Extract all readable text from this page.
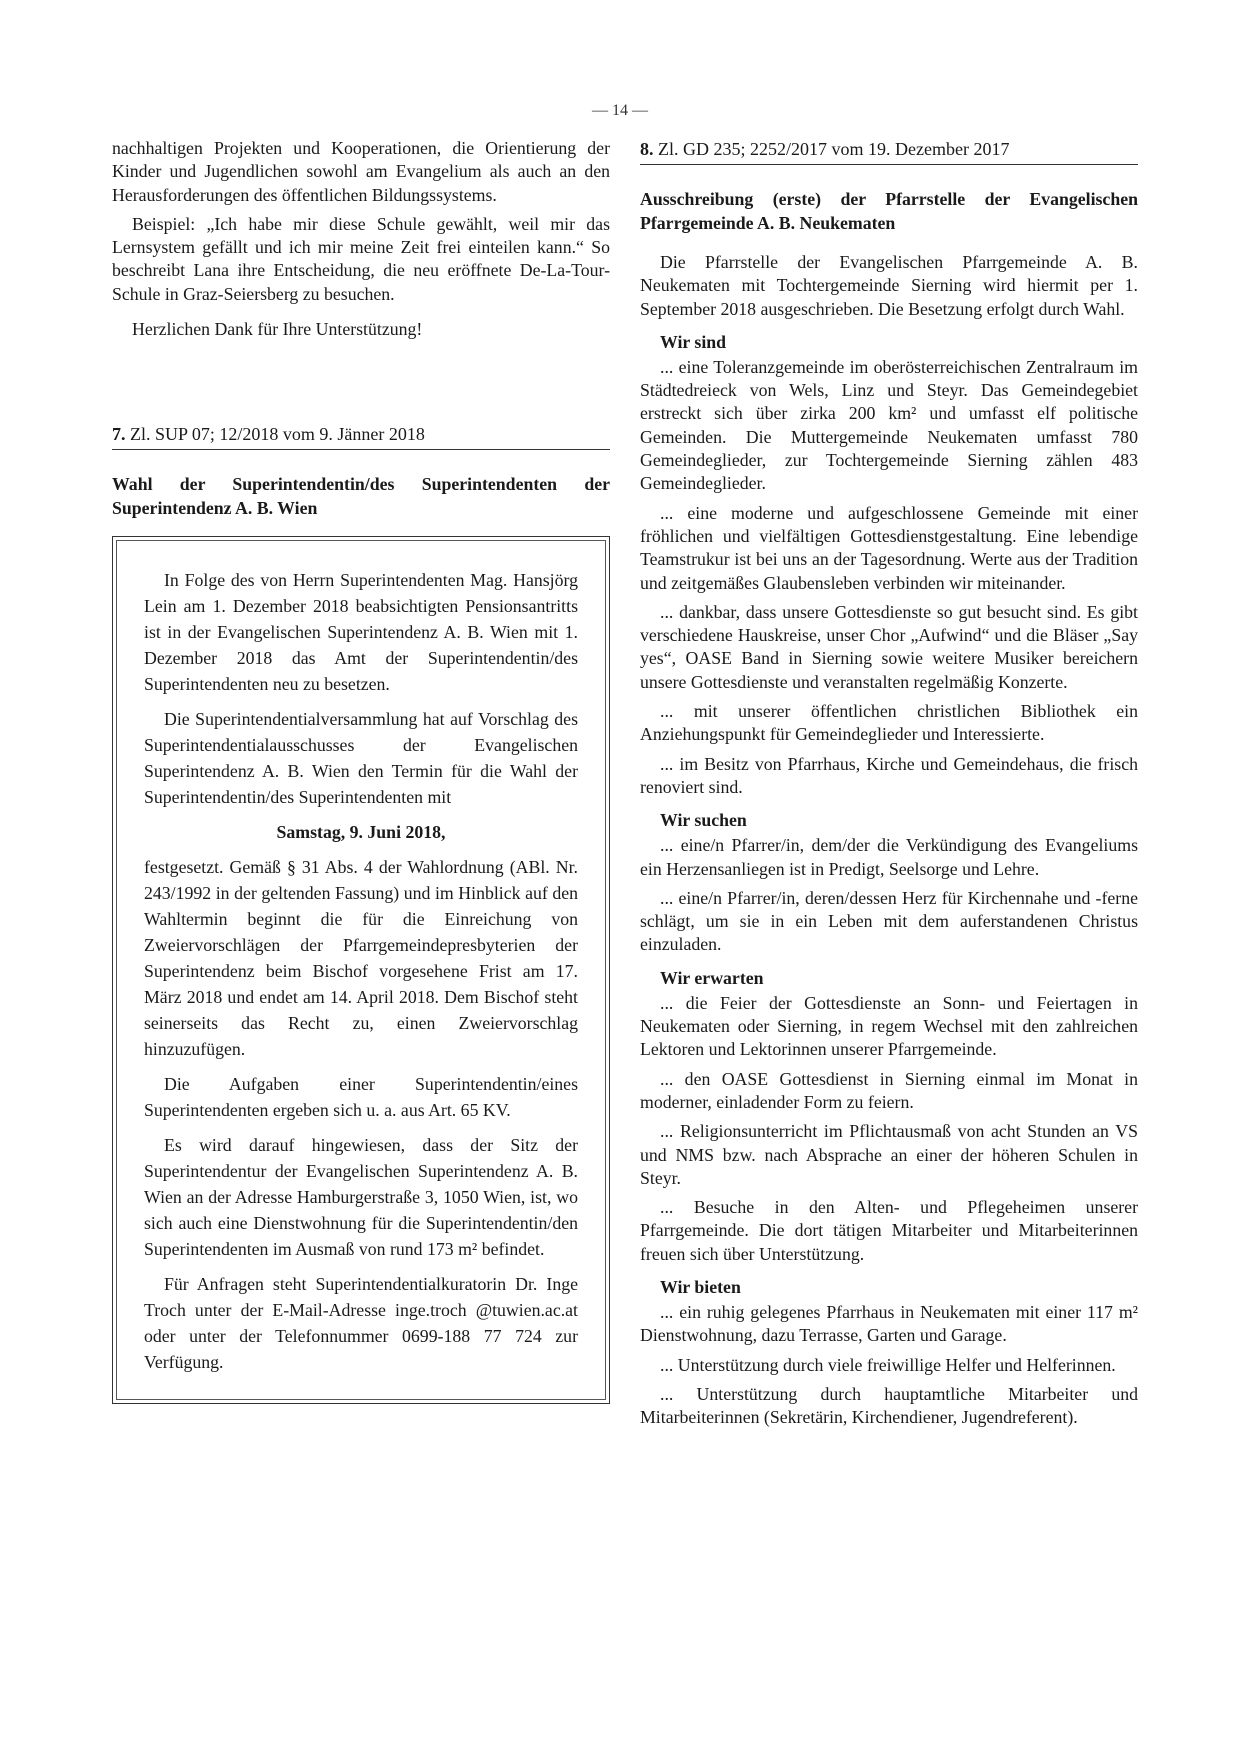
— 14 —

nachhaltigen Projekten und Kooperationen, die Orientierung der Kinder und Jugendlichen sowohl am Evangelium als auch an den Herausforderungen des öffentlichen Bildungssystems.

Beispiel: „Ich habe mir diese Schule gewählt, weil mir das Lernsystem gefällt und ich mir meine Zeit frei einteilen kann.“ So beschreibt Lana ihre Entscheidung, die neu eröffnete De-La-Tour-Schule in Graz-Seiersberg zu besuchen.

Herzlichen Dank für Ihre Unterstützung!

7. Zl. SUP 07; 12/2018 vom 9. Jänner 2018
Wahl der Superintendentin/des Superintendenten der Superintendenz A. B. Wien

In Folge des von Herrn Superintendenten Mag. Hansjörg Lein am 1. Dezember 2018 beabsichtigten Pensionsantritts ist in der Evangelischen Superintendenz A. B. Wien mit 1. Dezember 2018 das Amt der Superintendentin/des Superintendenten neu zu besetzen.

Die Superintendentialversammlung hat auf Vorschlag des Superintendentialausschusses der Evangelischen Superintendenz A. B. Wien den Termin für die Wahl der Superintendentin/des Superintendenten mit

Samstag, 9. Juni 2018,

festgesetzt. Gemäß § 31 Abs. 4 der Wahlordnung (ABl. Nr. 243/1992 in der geltenden Fassung) und im Hinblick auf den Wahltermin beginnt die für die Einreichung von Zweiervorschlägen der Pfarrgemeindepresbyterien der Superintendenz beim Bischof vorgesehene Frist am 17. März 2018 und endet am 14. April 2018. Dem Bischof steht seinerseits das Recht zu, einen Zweiervorschlag hinzuzufügen.

Die Aufgaben einer Superintendentin/eines Superintendenten ergeben sich u. a. aus Art. 65 KV.

Es wird darauf hingewiesen, dass der Sitz der Superintendentur der Evangelischen Superintendenz A. B. Wien an der Adresse Hamburgerstraße 3, 1050 Wien, ist, wo sich auch eine Dienstwohnung für die Superintendentin/den Superintendenten im Ausmaß von rund 173 m² befindet.

Für Anfragen steht Superintendentialkuratorin Dr. Inge Troch unter der E-Mail-Adresse inge.troch @tuwien.ac.at oder unter der Telefonnummer 0699-188 77 724 zur Verfügung.

8. Zl. GD 235; 2252/2017 vom 19. Dezember 2017
Ausschreibung (erste) der Pfarrstelle der Evangelischen Pfarrgemeinde A. B. Neukematen

Die Pfarrstelle der Evangelischen Pfarrgemeinde A. B. Neukematen mit Tochtergemeinde Sierning wird hiermit per 1. September 2018 ausgeschrieben. Die Besetzung erfolgt durch Wahl.

Wir sind

... eine Toleranzgemeinde im oberösterreichischen Zentralraum im Städtedreieck von Wels, Linz und Steyr. Das Gemeindegebiet erstreckt sich über zirka 200 km² und umfasst elf politische Gemeinden. Die Muttergemeinde Neukematen umfasst 780 Gemeindeglieder, zur Tochtergemeinde Sierning zählen 483 Gemeindeglieder.

... eine moderne und aufgeschlossene Gemeinde mit einer fröhlichen und vielfältigen Gottesdienstgestaltung. Eine lebendige Teamstrukur ist bei uns an der Tagesordnung. Werte aus der Tradition und zeitgemäßes Glaubensleben verbinden wir miteinander.

... dankbar, dass unsere Gottesdienste so gut besucht sind. Es gibt verschiedene Hauskreise, unser Chor „Aufwind“ und die Bläser „Say yes“, OASE Band in Sierning sowie weitere Musiker bereichern unsere Gottesdienste und veranstalten regelmäßig Konzerte.

... mit unserer öffentlichen christlichen Bibliothek ein Anziehungspunkt für Gemeindeglieder und Interessierte.

... im Besitz von Pfarrhaus, Kirche und Gemeindehaus, die frisch renoviert sind.

Wir suchen

... eine/n Pfarrer/in, dem/der die Verkündigung des Evangeliums ein Herzensanliegen ist in Predigt, Seelsorge und Lehre.

... eine/n Pfarrer/in, deren/dessen Herz für Kirchennahe und -ferne schlägt, um sie in ein Leben mit dem auferstandenen Christus einzuladen.

Wir erwarten

... die Feier der Gottesdienste an Sonn- und Feiertagen in Neukematen oder Sierning, in regem Wechsel mit den zahlreichen Lektoren und Lektorinnen unserer Pfarrgemeinde.

... den OASE Gottesdienst in Sierning einmal im Monat in moderner, einladender Form zu feiern.

... Religionsunterricht im Pflichtausmaß von acht Stunden an VS und NMS bzw. nach Absprache an einer der höheren Schulen in Steyr.

... Besuche in den Alten- und Pflegeheimen unserer Pfarrgemeinde. Die dort tätigen Mitarbeiter und Mitarbeiterinnen freuen sich über Unterstützung.

Wir bieten

... ein ruhig gelegenes Pfarrhaus in Neukematen mit einer 117 m² Dienstwohnung, dazu Terrasse, Garten und Garage.

... Unterstützung durch viele freiwillige Helfer und Helferinnen.

... Unterstützung durch hauptamtliche Mitarbeiter und Mitarbeiterinnen (Sekretärin, Kirchendiener, Jugendreferent).
